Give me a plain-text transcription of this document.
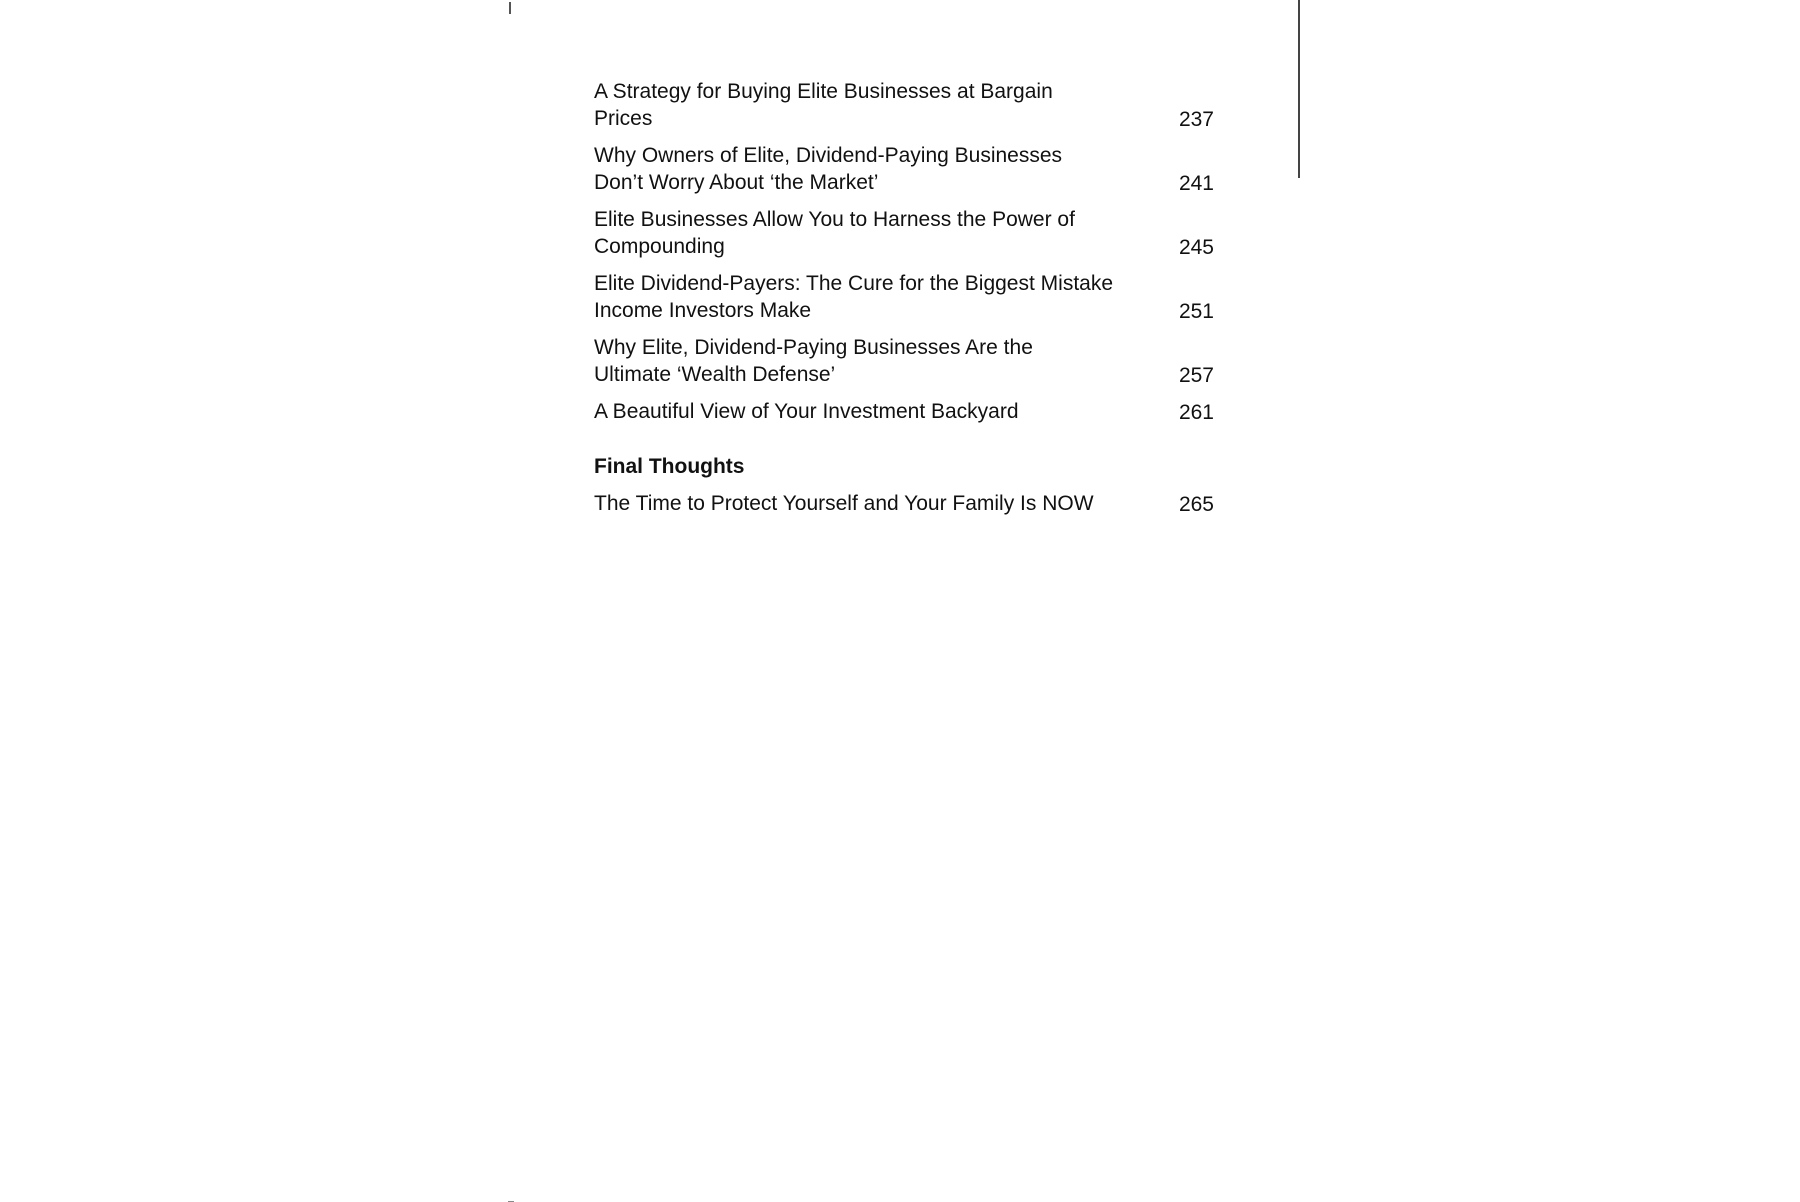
A Strategy for Buying Elite Businesses at Bargain Prices	237
Why Owners of Elite, Dividend-Paying Businesses Don’t Worry About ‘the Market’	241
Elite Businesses Allow You to Harness the Power of Compounding	245
Elite Dividend-Payers: The Cure for the Biggest Mistake Income Investors Make	251
Why Elite, Dividend-Paying Businesses Are the Ultimate ‘Wealth Defense’	257
A Beautiful View of Your Investment Backyard	261
Final Thoughts
The Time to Protect Yourself and Your Family Is NOW	265
